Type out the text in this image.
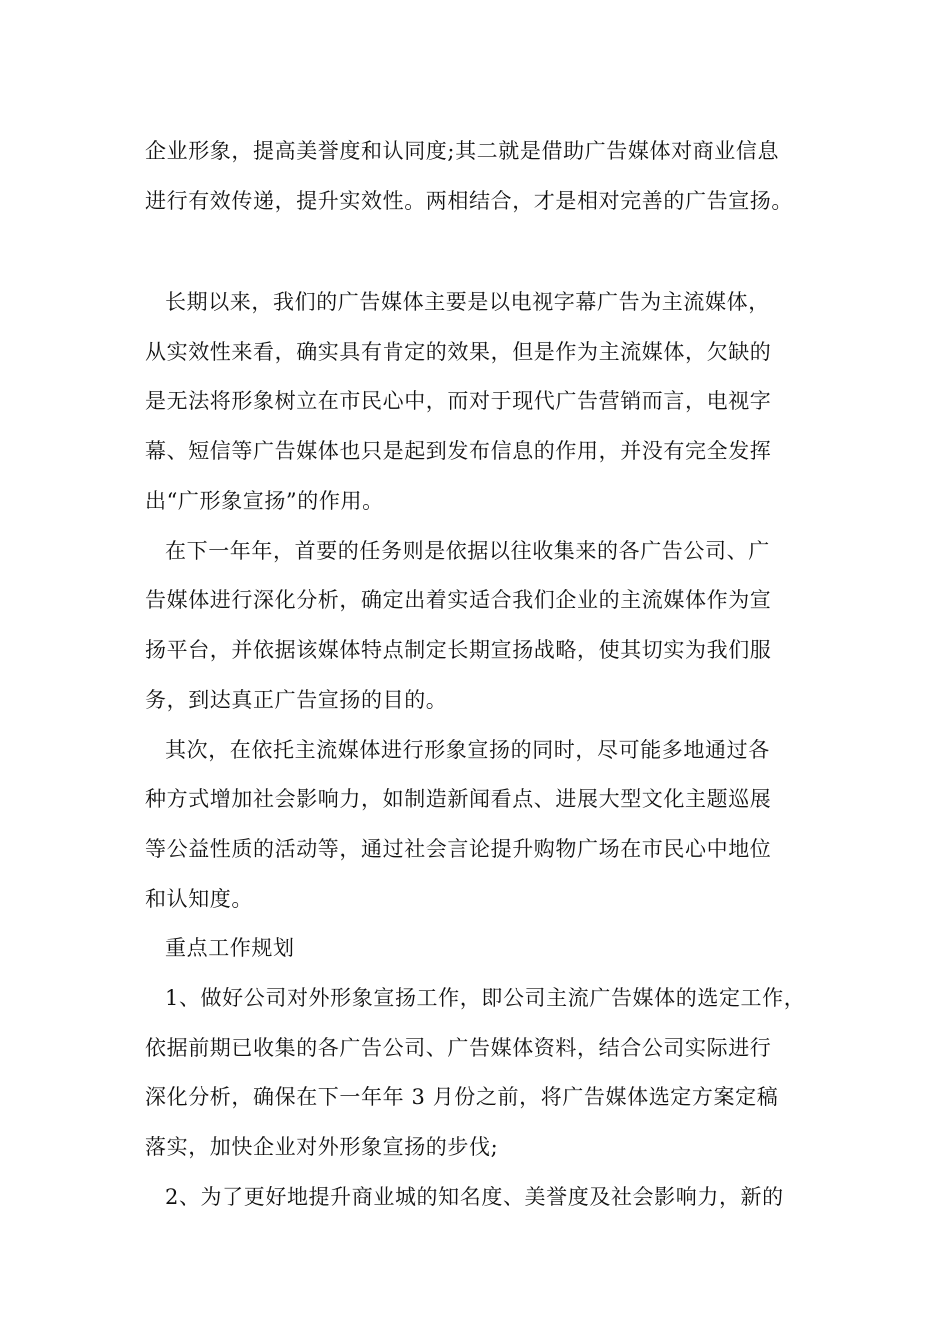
企业形象，提高美誉度和认同度;其二就是借助广告媒体对商业信息
进行有效传递，提升实效性。两相结合，才是相对完善的广告宣扬。
长期以来，我们的广告媒体主要是以电视字幕广告为主流媒体，
从实效性来看，确实具有肯定的效果，但是作为主流媒体，欠缺的
是无法将形象树立在市民心中，而对于现代广告营销而言，电视字
幕、短信等广告媒体也只是起到发布信息的作用，并没有完全发挥
出“广形象宣扬”的作用。
在下一年年，首要的任务则是依据以往收集来的各广告公司、广
告媒体进行深化分析，确定出着实适合我们企业的主流媒体作为宣
扬平台，并依据该媒体特点制定长期宣扬战略，使其切实为我们服
务，到达真正广告宣扬的目的。
其次，在依托主流媒体进行形象宣扬的同时，尽可能多地通过各
种方式增加社会影响力，如制造新闻看点、进展大型文化主题巡展
等公益性质的活动等，通过社会言论提升购物广场在市民心中地位
和认知度。
重点工作规划
1、做好公司对外形象宣扬工作，即公司主流广告媒体的选定工作，
依据前期已收集的各广告公司、广告媒体资料，结合公司实际进行
深化分析，确保在下一年年 3 月份之前，将广告媒体选定方案定稿
落实，加快企业对外形象宣扬的步伐;
2、为了更好地提升商业城的知名度、美誉度及社会影响力，新的
